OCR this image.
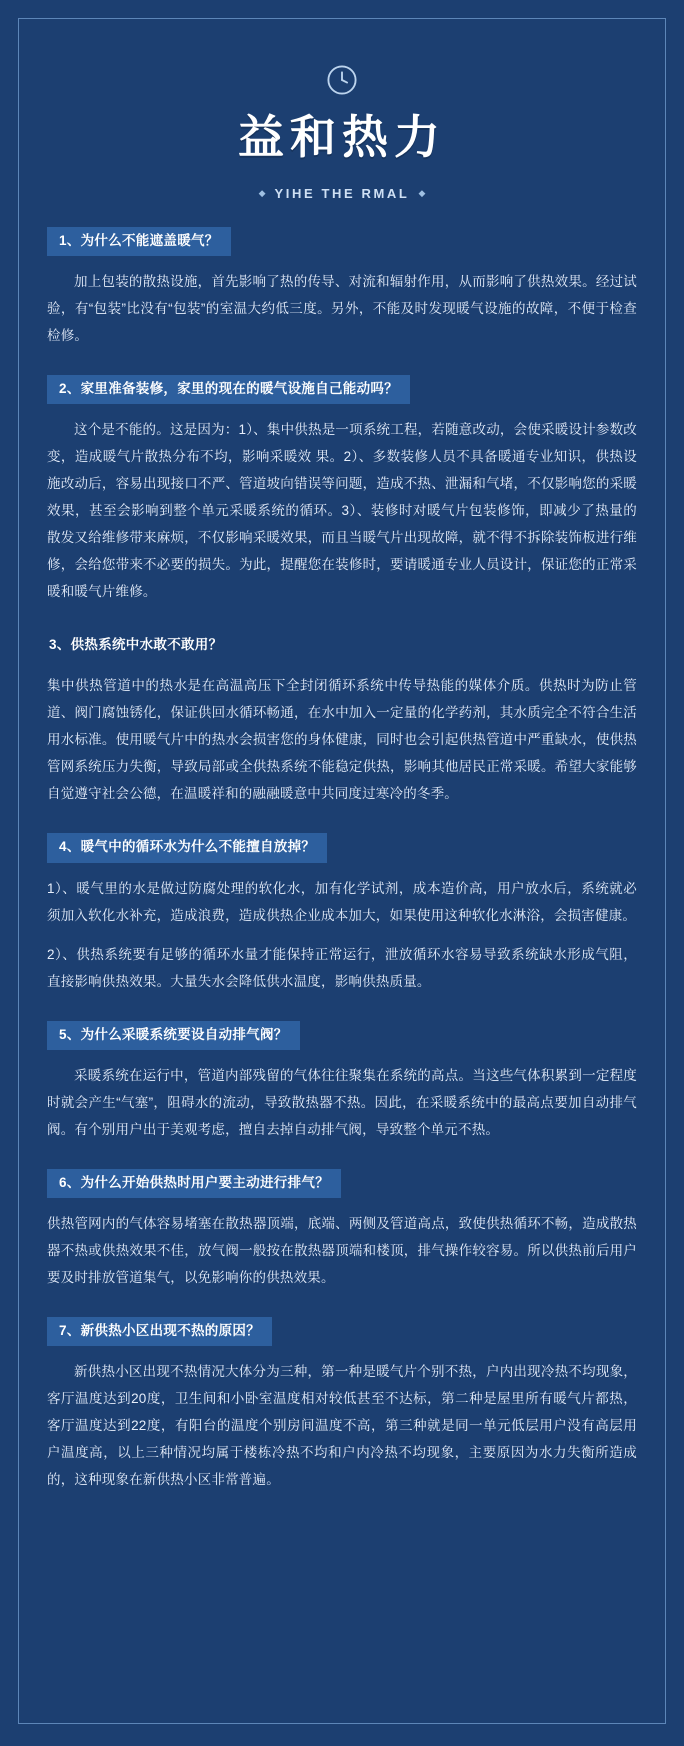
益和热力
◆ YIHE THE RMAL ◆
1、为什么不能遮盖暖气？

加上包装的散热设施，首先影响了热的传导、对流和辐射作用，从而影响了供热效果。经过试验，有“包装”比没有“包装”的室温大约低三度。另外，不能及时发现暖气设施的故障，不便于检查检修。

2、家里准备装修，家里的现在的暖气设施自己能动吗？

这个是不能的。这是因为：1）、集中供热是一项系统工程，若随意改动，会使采暖设计参数改变，造成暖气片散热分布不均，影响采暖效 果。2）、多数装修人员不具备暖通专业知识，供热设施改动后，容易出现接口不严、管道坡向错误等问题，造成不热、泄漏和气堵，不仅影响您的采暖效果，甚至会影响到整个单元采暖系统的循环。3）、装修时对暖气片包装修饰，即减少了热量的散发又给维修带来麻烦，不仅影响采暖效果，而且当暖气片出现故障，就不得不拆除装饰板进行维修，会给您带来不必要的损失。为此，提醒您在装修时，要请暖通专业人员设计，保证您的正常采暖和暖气片维修。

3、供热系统中水敢不敢用？

集中供热管道中的热水是在高温高压下全封闭循环系统中传导热能的媒体介质。供热时为防止管道、阀门腐蚀锈化，保证供回水循环畅通，在水中加入一定量的化学药剂，其水质完全不符合生活用水标准。使用暖气片中的热水会损害您的身体健康，同时也会引起供热管道中严重缺水，使供热管网系统压力失衡，导致局部或全供热系统不能稳定供热，影响其他居民正常采暖。希望大家能够自觉遵守社会公德，在温暖祥和的融融暖意中共同度过寒冷的冬季。

4、暖气中的循环水为什么不能擅自放掉？

1）、暖气里的水是做过防腐处理的软化水，加有化学试剂，成本造价高，用户放水后，系统就必须加入软化水补充，造成浪费，造成供热企业成本加大，如果使用这种软化水淋浴，会损害健康。

2）、供热系统要有足够的循环水量才能保持正常运行，泄放循环水容易导致系统缺水形成气阻，直接影响供热效果。大量失水会降低供水温度，影响供热质量。

5、为什么采暖系统要设自动排气阀？

采暖系统在运行中，管道内部残留的气体往往聚集在系统的高点。当这些气体积累到一定程度时就会产生“气塞”，阻碍水的流动，导致散热器不热。因此，在采暖系统中的最高点要加自动排气阀。有个别用户出于美观考虑，擅自去掉自动排气阀，导致整个单元不热。

6、为什么开始供热时用户要主动进行排气？

供热管网内的气体容易堵塞在散热器顶端，底端、两侧及管道高点，致使供热循环不畅，造成散热器不热或供热效果不佳，放气阀一般按在散热器顶端和楼顶，排气操作较容易。所以供热前后用户要及时排放管道集气，以免影响你的供热效果。

7、新供热小区出现不热的原因？

新供热小区出现不热情况大体分为三种，第一种是暖气片个别不热，户内出现冷热不均现象，客厅温度达到20度，卫生间和小卧室温度相对较低甚至不达标，第二种是屋里所有暖气片都热，客厅温度达到22度，有阳台的温度个别房间温度不高，第三种就是同一单元低层用户没有高层用户温度高，以上三种情况均属于楼栋冷热不均和户内冷热不均现象，主要原因为水力失衡所造成的，这种现象在新供热小区非常普遍。
